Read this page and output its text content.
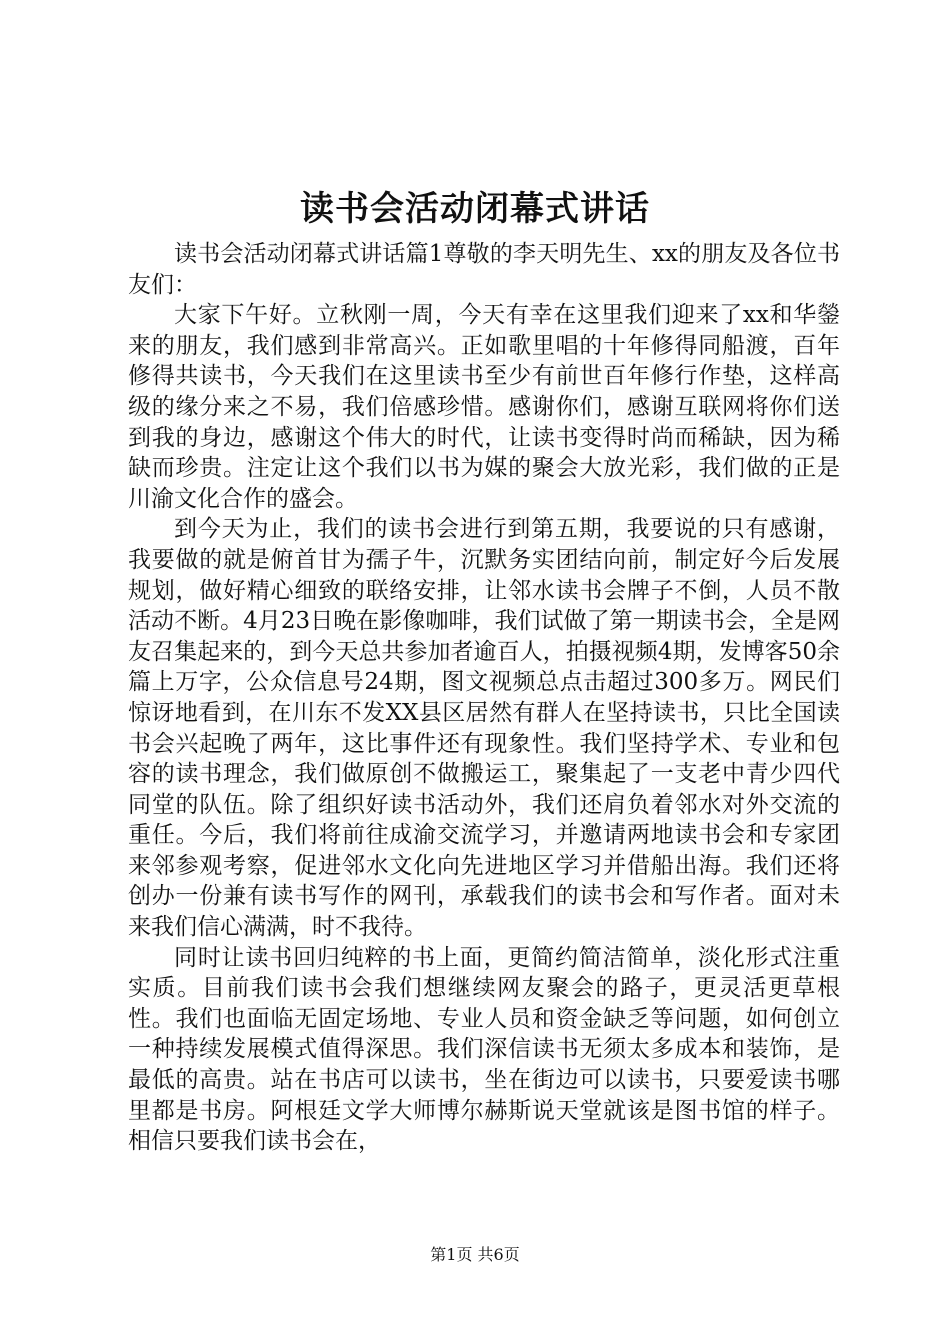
读书会活动闭幕式讲话

读书会活动闭幕式讲话篇1尊敬的李天明先生、xx的朋友及各位书友们：

大家下午好。立秋刚一周，今天有幸在这里我们迎来了xx和华鎣来的朋友，我们感到非常高兴。正如歌里唱的十年修得同船渡，百年修得共读书，今天我们在这里读书至少有前世百年修行作垫，这样高级的缘分来之不易，我们倍感珍惜。感谢你们，感谢互联网将你们送到我的身边，感谢这个伟大的时代，让读书变得时尚而稀缺，因为稀缺而珍贵。注定让这个我们以书为媒的聚会大放光彩，我们做的正是川渝文化合作的盛会。

到今天为止，我们的读书会进行到第五期，我要说的只有感谢，我要做的就是俯首甘为孺子牛，沉默务实团结向前，制定好今后发展规划，做好精心细致的联络安排，让邻水读书会牌子不倒，人员不散活动不断。4月23日晚在影像咖啡，我们试做了第一期读书会，全是网友召集起来的，到今天总共参加者逾百人，拍摄视频4期，发博客50余篇上万字，公众信息号24期，图文视频总点击超过300多万。网民们惊讶地看到，在川东不发XX县区居然有群人在坚持读书，只比全国读书会兴起晚了两年，这比事件还有现象性。我们坚持学术、专业和包容的读书理念，我们做原创不做搬运工，聚集起了一支老中青少四代同堂的队伍。除了组织好读书活动外，我们还肩负着邻水对外交流的重任。今后，我们将前往成渝交流学习，并邀请两地读书会和专家团来邻参观考察，促进邻水文化向先进地区学习并借船出海。我们还将创办一份兼有读书写作的网刊，承载我们的读书会和写作者。面对未来我们信心满满，时不我待。

同时让读书回归纯粹的书上面，更简约简洁简单，淡化形式注重实质。目前我们读书会我们想继续网友聚会的路子，更灵活更草根性。我们也面临无固定场地、专业人员和资金缺乏等问题，如何创立一种持续发展模式值得深思。我们深信读书无须太多成本和装饰，是最低的高贵。站在书店可以读书，坐在街边可以读书，只要爱读书哪里都是书房。阿根廷文学大师博尔赫斯说天堂就该是图书馆的样子。相信只要我们读书会在，

第1页 共6页
